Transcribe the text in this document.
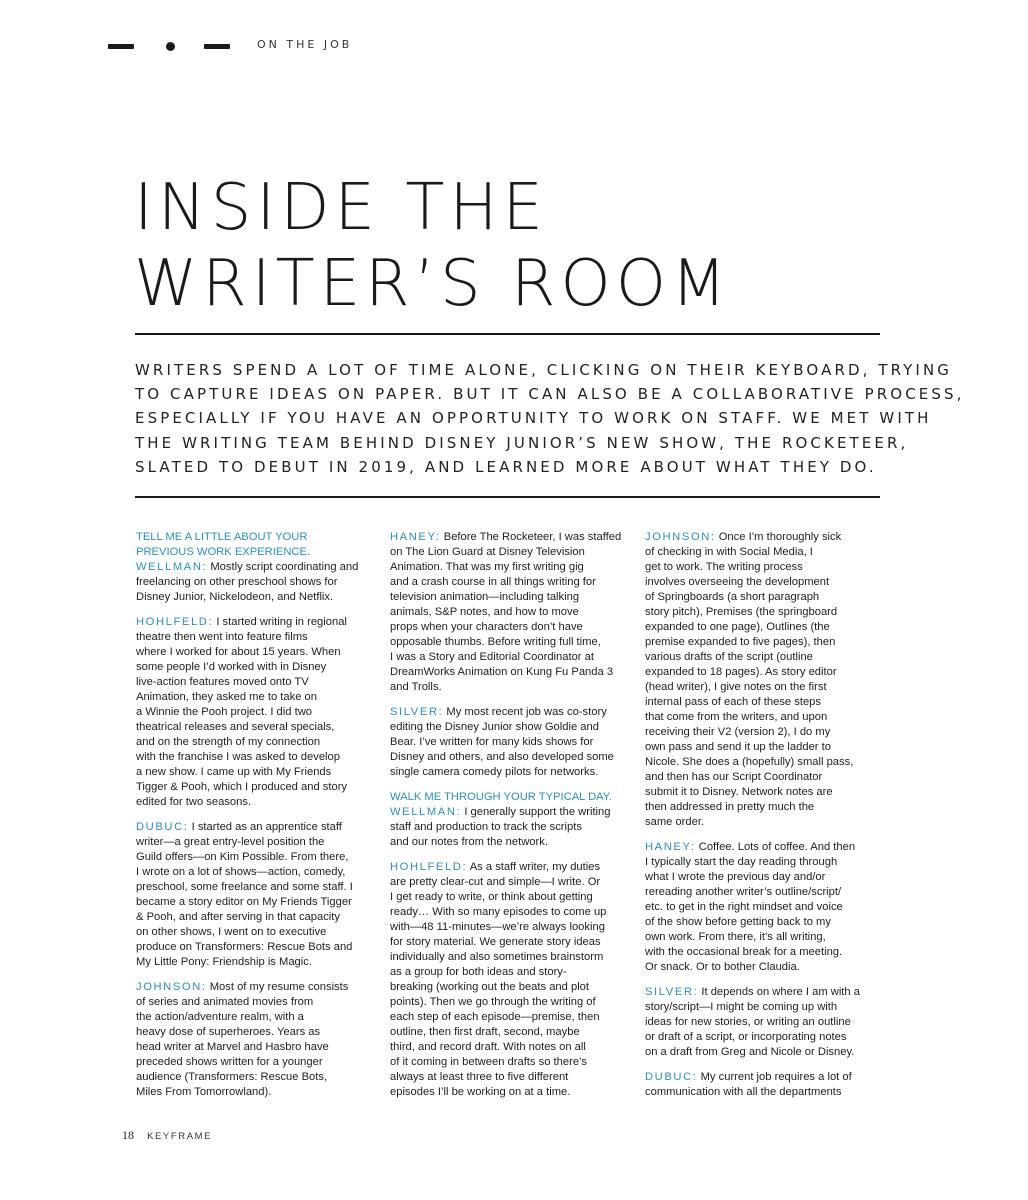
ON THE JOB
INSIDE THE
WRITER’S ROOM
WRITERS SPEND A LOT OF TIME ALONE, CLICKING ON THEIR KEYBOARD, TRYING
TO CAPTURE IDEAS ON PAPER. BUT IT CAN ALSO BE A COLLABORATIVE PROCESS,
ESPECIALLY IF YOU HAVE AN OPPORTUNITY TO WORK ON STAFF. WE MET WITH
THE WRITING TEAM BEHIND DISNEY JUNIOR’S NEW SHOW, THE ROCKETEER,
SLATED TO DEBUT IN 2019, AND LEARNED MORE ABOUT WHAT THEY DO.

TELL ME A LITTLE ABOUT YOUR
PREVIOUS WORK EXPERIENCE.
WELLMAN: Mostly script coordinating and
freelancing on other preschool shows for
Disney Junior, Nickelodeon, and Netflix.

HOHLFELD: I started writing in regional
theatre then went into feature films
where I worked for about 15 years. When
some people I’d worked with in Disney
live-action features moved onto TV
Animation, they asked me to take on
a Winnie the Pooh project. I did two
theatrical releases and several specials,
and on the strength of my connection
with the franchise I was asked to develop
a new show. I came up with My Friends
Tigger & Pooh, which I produced and story
edited for two seasons.

DUBUC: I started as an apprentice staff
writer—a great entry-level position the
Guild offers—on Kim Possible. From there,
I wrote on a lot of shows—action, comedy,
preschool, some freelance and some staff. I
became a story editor on My Friends Tigger
& Pooh, and after serving in that capacity
on other shows, I went on to executive
produce on Transformers: Rescue Bots and
My Little Pony: Friendship is Magic.

JOHNSON: Most of my resume consists
of series and animated movies from
the action/adventure realm, with a
heavy dose of superheroes. Years as
head writer at Marvel and Hasbro have
preceded shows written for a younger
audience (Transformers: Rescue Bots,
Miles From Tomorrowland).

HANEY: Before The Rocketeer, I was staffed
on The Lion Guard at Disney Television
Animation. That was my first writing gig
and a crash course in all things writing for
television animation—including talking
animals, S&P notes, and how to move
props when your characters don’t have
opposable thumbs. Before writing full time,
I was a Story and Editorial Coordinator at
DreamWorks Animation on Kung Fu Panda 3
and Trolls.

SILVER: My most recent job was co-story
editing the Disney Junior show Goldie and
Bear. I’ve written for many kids shows for
Disney and others, and also developed some
single camera comedy pilots for networks.

WALK ME THROUGH YOUR TYPICAL DAY.
WELLMAN: I generally support the writing
staff and production to track the scripts
and our notes from the network.

HOHLFELD: As a staff writer, my duties
are pretty clear-cut and simple—I write. Or
I get ready to write, or think about getting
ready… With so many episodes to come up
with—48 11-minutes—we’re always looking
for story material. We generate story ideas
individually and also sometimes brainstorm
as a group for both ideas and story-
breaking (working out the beats and plot
points). Then we go through the writing of
each step of each episode—premise, then
outline, then first draft, second, maybe
third, and record draft. With notes on all
of it coming in between drafts so there’s
always at least three to five different
episodes I’ll be working on at a time.

JOHNSON: Once I’m thoroughly sick
of checking in with Social Media, I
get to work. The writing process
involves overseeing the development
of Springboards (a short paragraph
story pitch), Premises (the springboard
expanded to one page), Outlines (the
premise expanded to five pages), then
various drafts of the script (outline
expanded to 18 pages). As story editor
(head writer), I give notes on the first
internal pass of each of these steps
that come from the writers, and upon
receiving their V2 (version 2), I do my
own pass and send it up the ladder to
Nicole. She does a (hopefully) small pass,
and then has our Script Coordinator
submit it to Disney. Network notes are
then addressed in pretty much the
same order.

HANEY: Coffee. Lots of coffee. And then
I typically start the day reading through
what I wrote the previous day and/or
rereading another writer’s outline/script/
etc. to get in the right mindset and voice
of the show before getting back to my
own work. From there, it’s all writing,
with the occasional break for a meeting.
Or snack. Or to bother Claudia.

SILVER: It depends on where I am with a
story/script—I might be coming up with
ideas for new stories, or writing an outline
or draft of a script, or incorporating notes
on a draft from Greg and Nicole or Disney.

DUBUC: My current job requires a lot of
communication with all the departments

18 KEYFRAME
